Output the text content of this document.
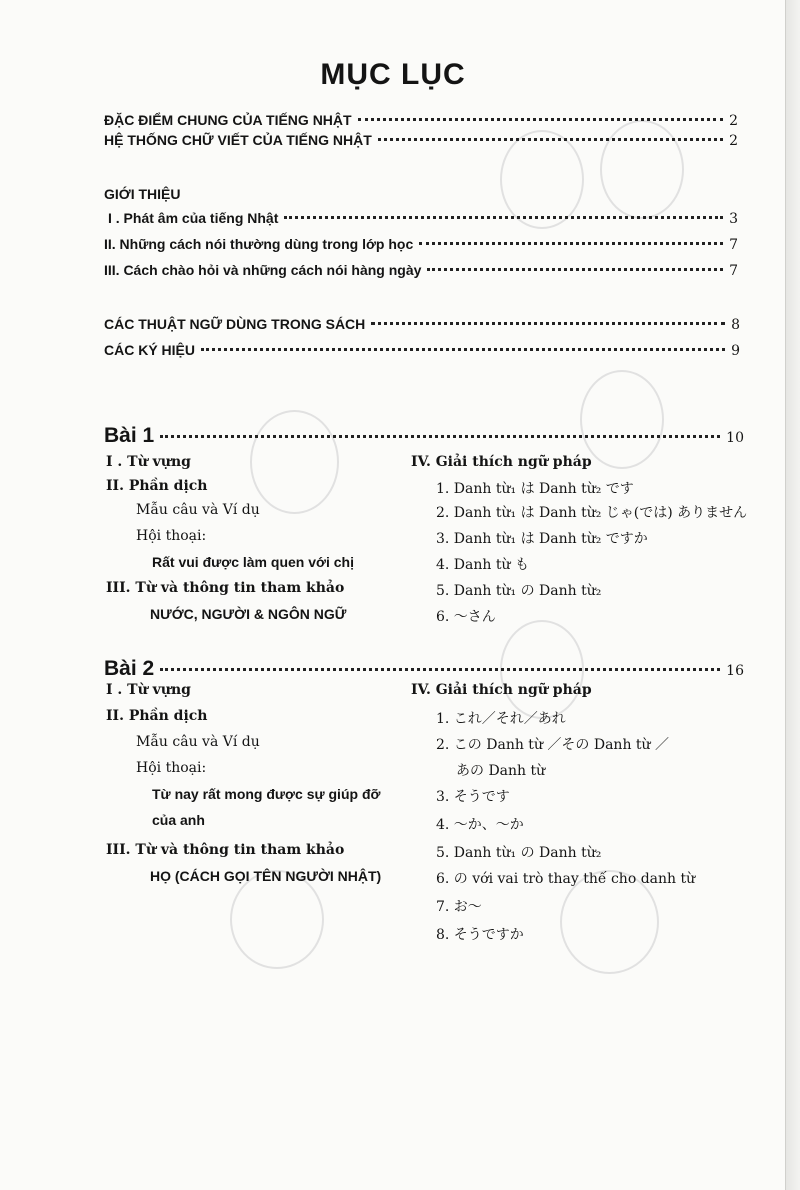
MỤC LỤC
ĐẶC ĐIỂM CHUNG CỦA TIẾNG NHẬT	2
HỆ THỐNG CHỮ VIẾT CỦA TIẾNG NHẬT	2
GIỚI THIỆU
I . Phát âm của tiếng Nhật	3
II. Những cách nói thường dùng trong lớp học	7
III. Cách chào hỏi và những cách nói hàng ngày	7
CÁC THUẬT NGỮ DÙNG TRONG SÁCH	8
CÁC KÝ HIỆU	9
Bài 1	10
I . Từ vựng
II. Phần dịch
Mẫu câu và Ví dụ
Hội thoại:
Rất vui được làm quen với chị
III. Từ và thông tin tham khảo
NƯỚC, NGƯỜI & NGÔN NGỮ
IV. Giải thích ngữ pháp
1. Danh từ₁ は Danh từ₂ です
2. Danh từ₁ は Danh từ₂ じゃ(では) ありません
3. Danh từ₁ は Danh từ₂ ですか
4. Danh từ も
5. Danh từ₁ の Danh từ₂
6. ～さん
Bài 2	16
I . Từ vựng
II. Phần dịch
Mẫu câu và Ví dụ
Hội thoại:
Từ nay rất mong được sự giúp đỡ
của anh
III. Từ và thông tin tham khảo
HỌ (CÁCH GỌI TÊN NGƯỜI NHẬT)
IV. Giải thích ngữ pháp
1. これ／それ／あれ
2. この Danh từ ／その Danh từ ／
あの Danh từ
3. そうです
4. ～か、～か
5. Danh từ₁ の Danh từ₂
6. の với vai trò thay thế cho danh từ
7. お～
8. そうですか
